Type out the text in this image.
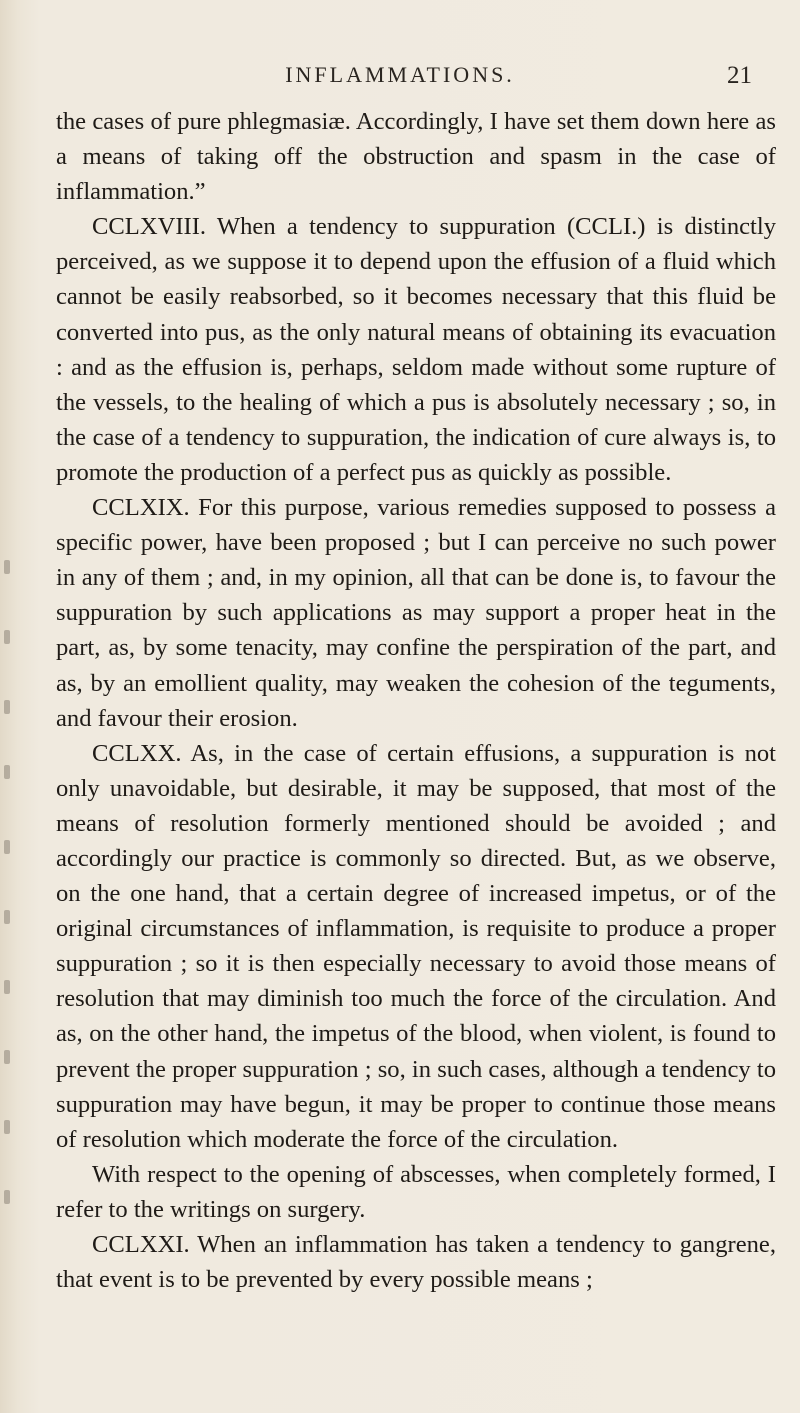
INFLAMMATIONS.	21

the cases of pure phlegmasiæ. Accordingly, I have set them down here as a means of taking off the obstruction and spasm in the case of inflammation.”

CCLXVIII. When a tendency to suppuration (CCLI.) is distinctly perceived, as we suppose it to depend upon the effusion of a fluid which cannot be easily reabsorbed, so it becomes necessary that this fluid be converted into pus, as the only natural means of obtaining its evacuation : and as the effusion is, perhaps, seldom made without some rupture of the vessels, to the healing of which a pus is absolutely necessary ; so, in the case of a tendency to suppuration, the indication of cure always is, to promote the production of a perfect pus as quickly as possible.

CCLXIX. For this purpose, various remedies supposed to possess a specific power, have been proposed ; but I can perceive no such power in any of them ; and, in my opinion, all that can be done is, to favour the suppuration by such applications as may support a proper heat in the part, as, by some tenacity, may confine the perspiration of the part, and as, by an emollient quality, may weaken the cohesion of the teguments, and favour their erosion.

CCLXX. As, in the case of certain effusions, a suppuration is not only unavoidable, but desirable, it may be supposed, that most of the means of resolution formerly mentioned should be avoided ; and accordingly our practice is commonly so directed. But, as we observe, on the one hand, that a certain degree of increased impetus, or of the original circumstances of inflammation, is requisite to produce a proper suppuration ; so it is then especially necessary to avoid those means of resolution that may diminish too much the force of the circulation. And as, on the other hand, the impetus of the blood, when violent, is found to prevent the proper suppuration ; so, in such cases, although a tendency to suppuration may have begun, it may be proper to continue those means of resolution which moderate the force of the circulation.

With respect to the opening of abscesses, when completely formed, I refer to the writings on surgery.

CCLXXI. When an inflammation has taken a tendency to gangrene, that event is to be prevented by every possible means ;
